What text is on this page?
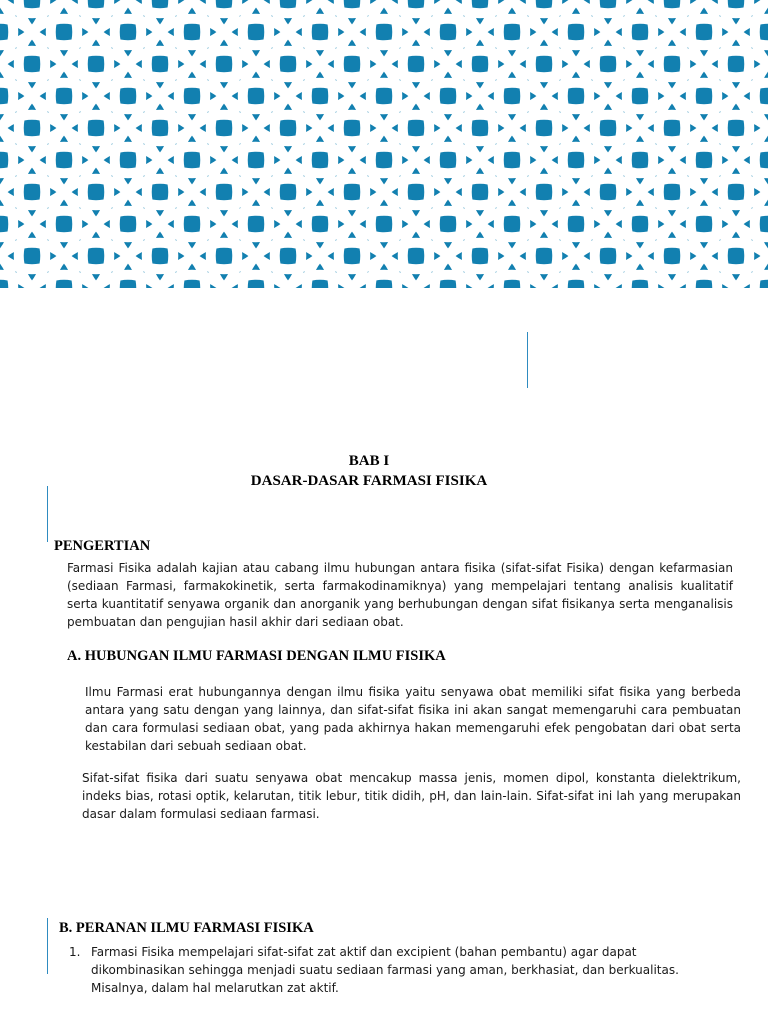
BAB I
DASAR-DASAR FARMASI FISIKA
PENGERTIAN

Farmasi Fisika adalah kajian atau cabang ilmu hubungan antara fisika (sifat-sifat Fisika) dengan kefarmasian (sediaan Farmasi, farmakokinetik, serta farmakodinamiknya) yang mempelajari tentang analisis kualitatif serta kuantitatif senyawa organik dan anorganik yang berhubungan dengan sifat fisikanya serta menganalisis pembuatan dan pengujian hasil akhir dari sediaan obat.

A. HUBUNGAN ILMU FARMASI DENGAN ILMU FISIKA

Ilmu Farmasi erat hubungannya dengan ilmu fisika yaitu senyawa obat memiliki sifat fisika yang berbeda antara yang satu dengan yang lainnya, dan sifat-sifat fisika ini akan sangat memengaruhi cara pembuatan dan cara formulasi sediaan obat, yang pada akhirnya hakan memengaruhi efek pengobatan dari obat serta kestabilan dari sebuah sediaan obat.

Sifat-sifat fisika dari suatu senyawa obat mencakup massa jenis, momen dipol, konstanta dielektrikum, indeks bias, rotasi optik, kelarutan, titik lebur, titik didih, pH, dan lain-lain. Sifat-sifat ini lah yang merupakan dasar dalam formulasi sediaan farmasi.

B. PERANAN ILMU FARMASI FISIKA
1. Farmasi Fisika mempelajari sifat-sifat zat aktif dan excipient (bahan pembantu) agar dapat dikombinasikan sehingga menjadi suatu sediaan farmasi yang aman, berkhasiat, dan berkualitas. Misalnya, dalam hal melarutkan zat aktif.
